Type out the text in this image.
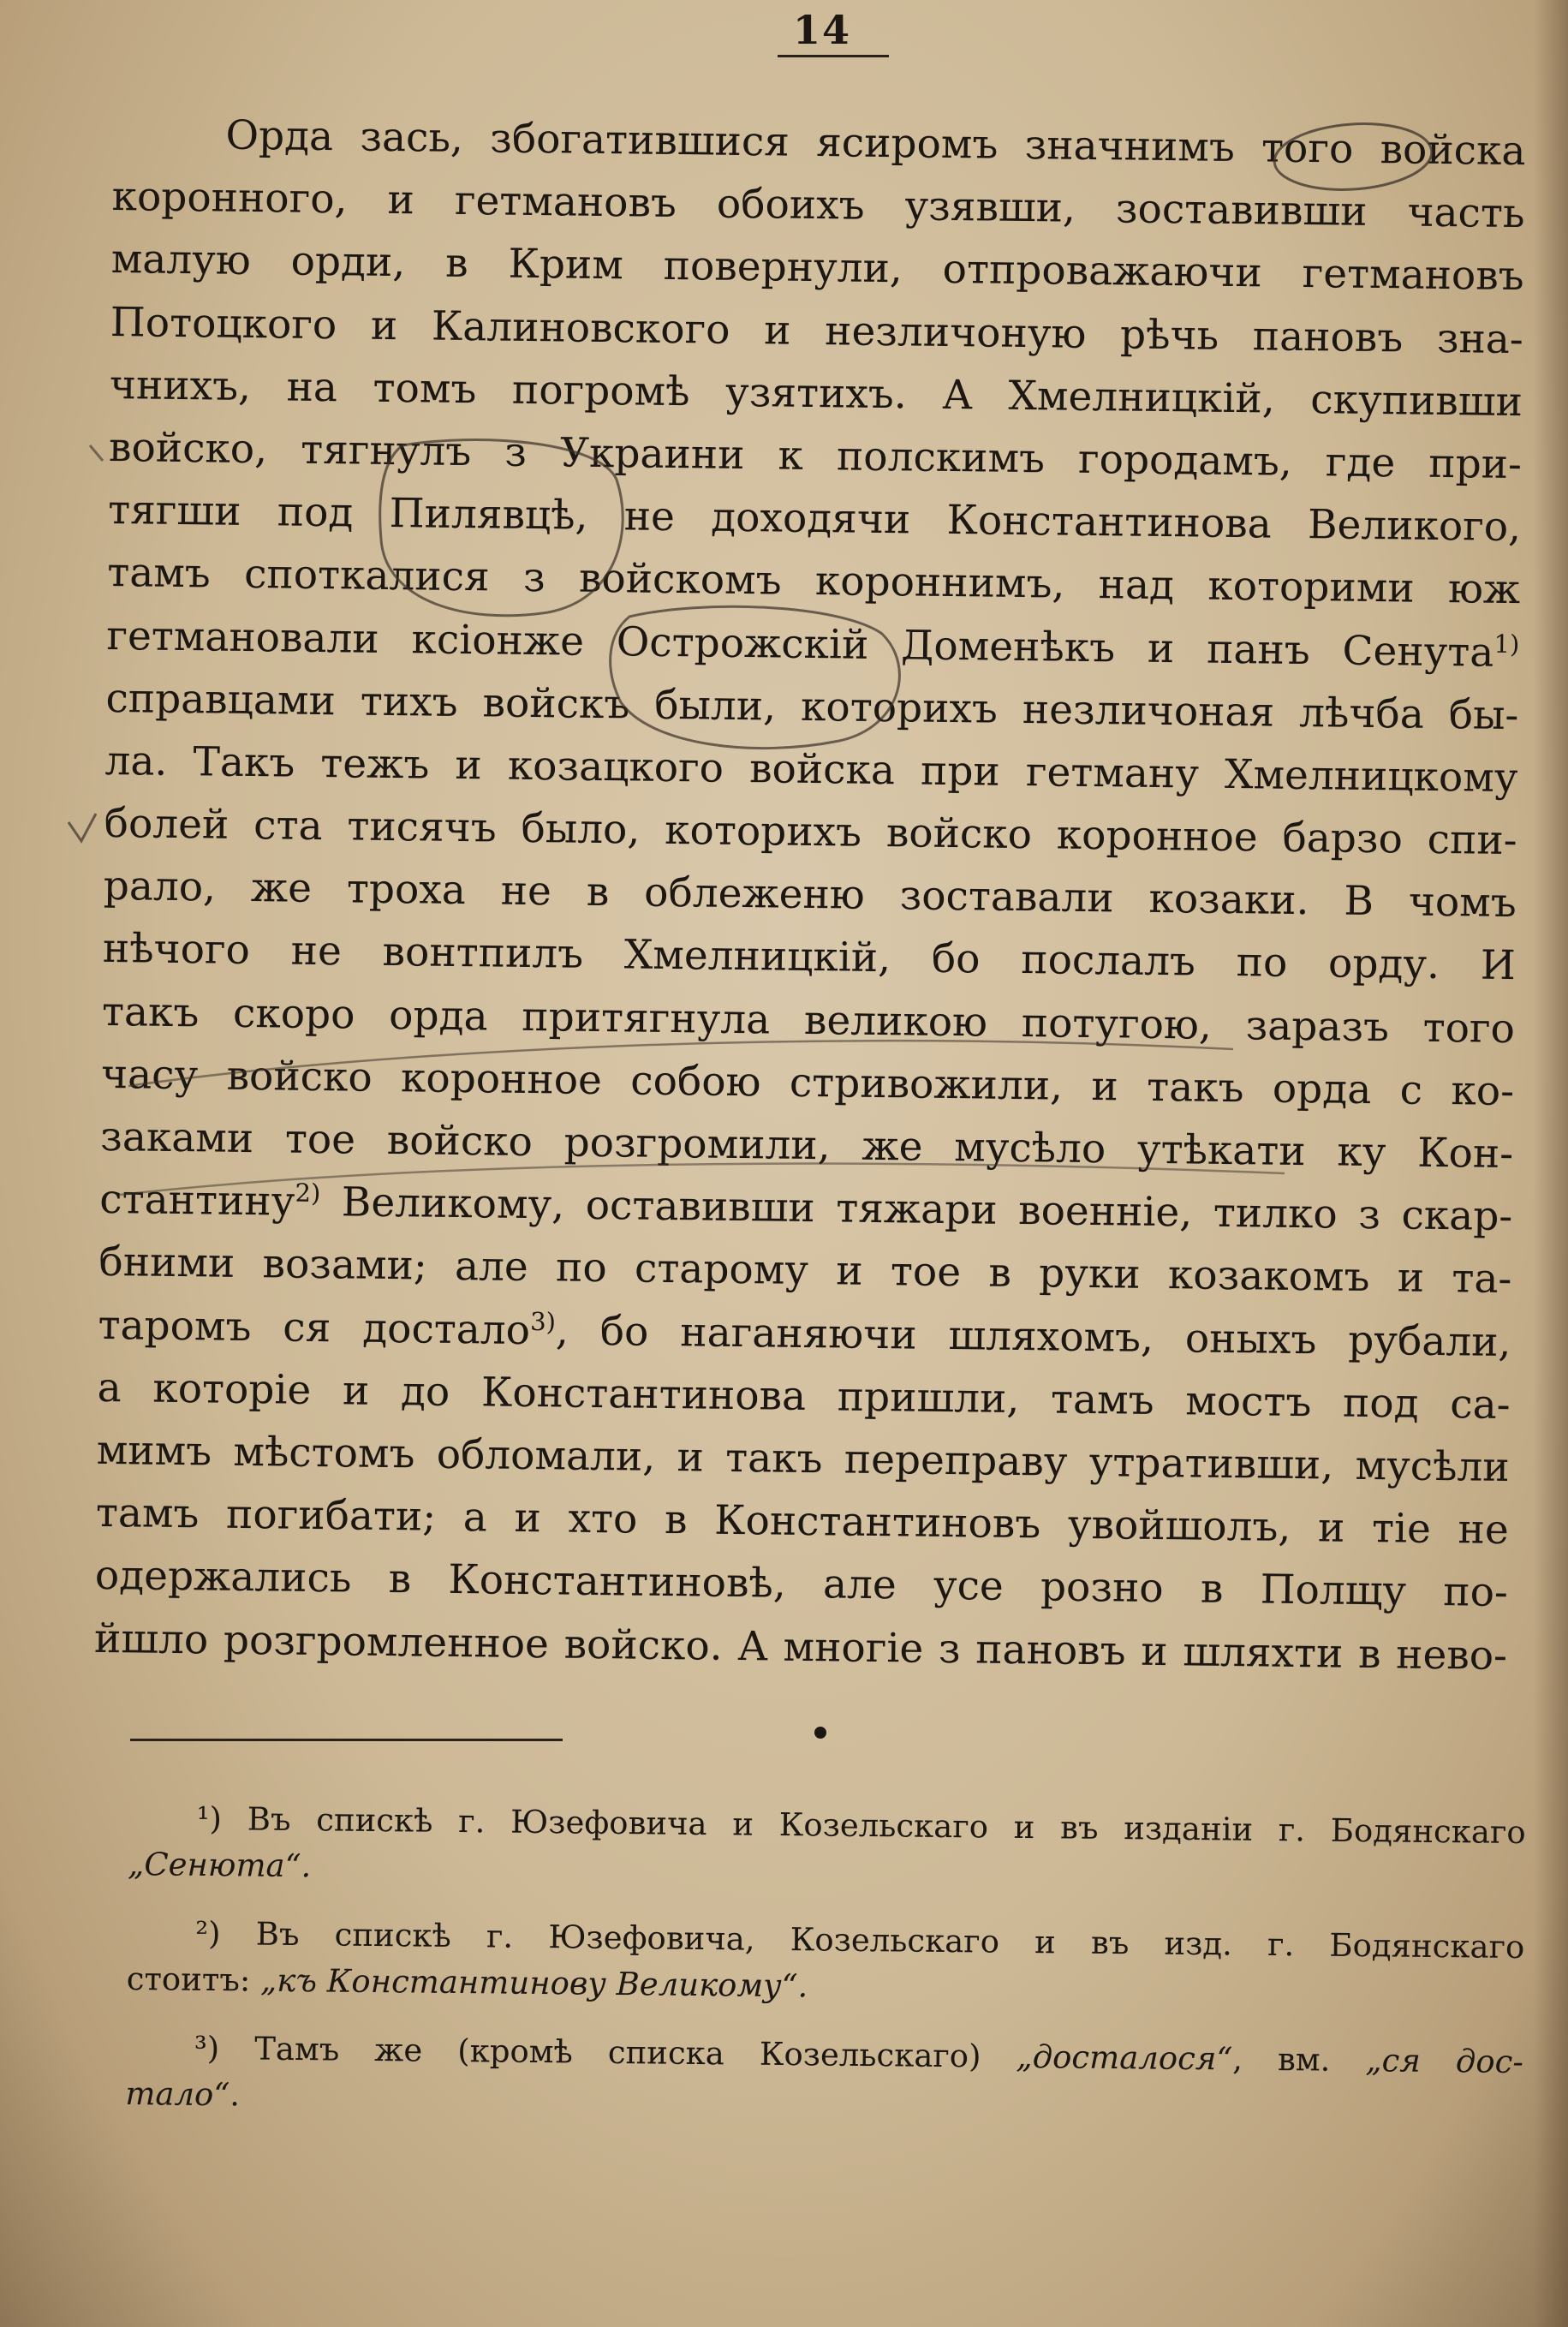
14
Орда зась, збогатившися ясиромъ значнимъ того войска
коронного, и гетмановъ обоихъ узявши, зоставивши часть
малую орди, в Крим повернули, отпроважаючи гетмановъ
Потоцкого и Калиновского и незличоную рѣчь пановъ зна-
чнихъ, на томъ погромѣ узятихъ. А Хмелницкій, скупивши
войско, тягнулъ з Украини к полскимъ городамъ, где при-
тягши под Пилявцѣ, не доходячи Константинова Великого,
тамъ споткалися з войскомъ короннимъ, над которими юж
гетмановали ксіонже Острожскій Доменѣкъ и панъ Сенута$^{1)}$
справцами тихъ войскъ были, которихъ незличоная лѣчба бы-
ла. Такъ тежъ и козацкого войска при гетману Хмелницкому
болей ста тисячъ было, которихъ войско коронное барзо спи-
рало, же троха не в облеженю зоставали козаки. В чомъ
нѣчого не вонтпилъ Хмелницкій, бо послалъ по орду. И
такъ скоро орда притягнула великою потугою, заразъ того
часу войско коронное собою стривожили, и такъ орда с ко-
заками тое войско розгромили, же мусѣло утѣкати ку Кон-
стантину$^{2)}$ Великому, оставивши тяжари военніе, тилко з скар-
бними возами; але по старому и тое в руки козакомъ и та-
таромъ ся достало$^{3)}$, бо наганяючи шляхомъ, оныхъ рубали,
а которіе и до Константинова пришли, тамъ мостъ под са-
мимъ мѣстомъ обломали, и такъ переправу утративши, мусѣли
тамъ погибати; а и хто в Константиновъ увойшолъ, и тіе не
одержались в Константиновѣ, але усе розно в Полщу по-
йшло розгромленное войско. А многіе з пановъ и шляхти в нево-
¹) Въ спискѣ г. Юзефовича и Козельскаго и въ изданіи г. Бодянскаго
„Сенюта“.
²) Въ спискѣ г. Юзефовича, Козельскаго и въ изд. г. Бодянскаго
стоитъ: „къ Константинову Великому“.
³) Тамъ же (кромѣ списка Козельскаго) „досталося“, вм. „ся дос-
тало“.
